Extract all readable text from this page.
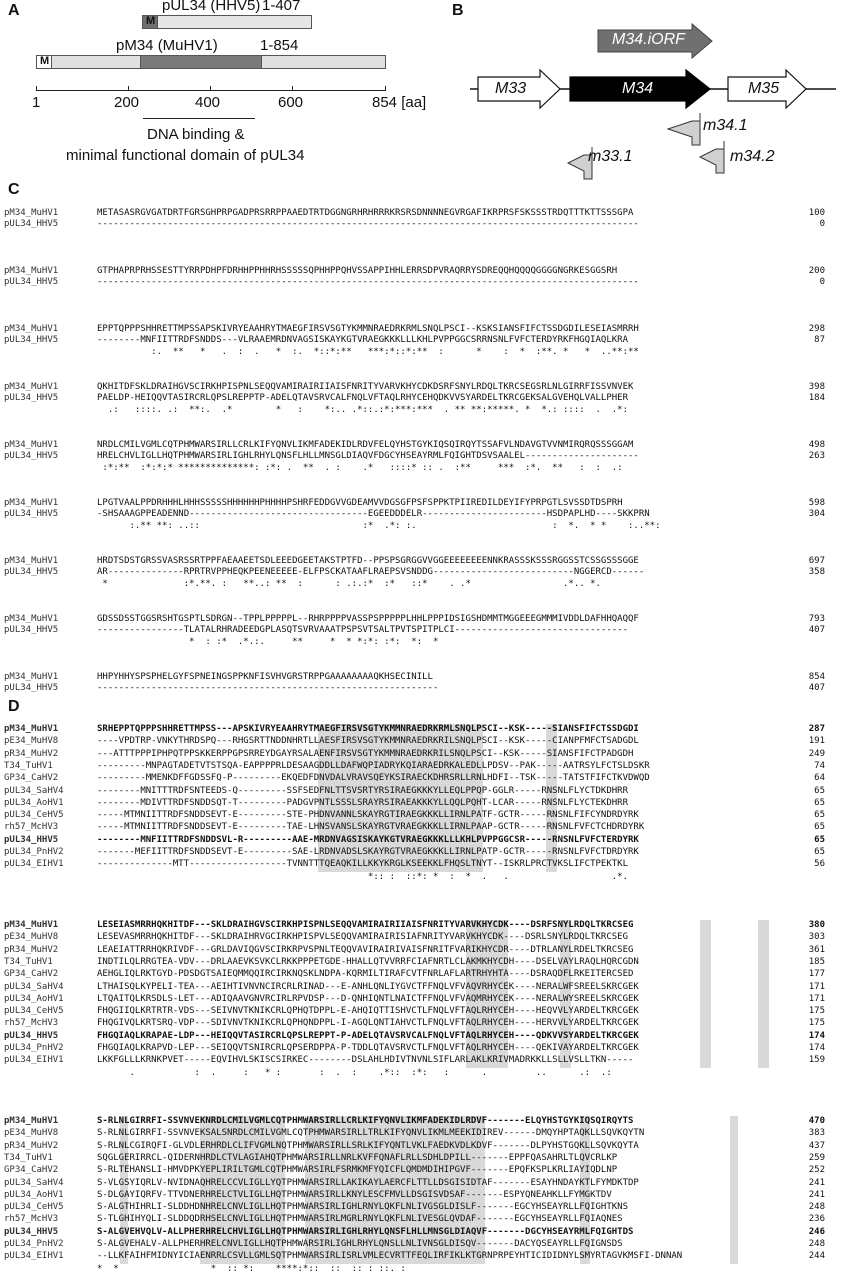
A
M
pUL34 (HHV5) 1-407
M
pM34 (MuHV1)	1-854
1	200	400	600	854 [aa]
DNA binding &
minimal functional domain of pUL34
B
M34.iORF
M33	M34	M35
m34.1
m33.1	m34.2
C
pM34_MuHV1	METASASRGVGATDRTFGRSGHPRPGADPRSRRPPAAEDTRTDGGNGRHRHRRRKRSRSDNNNNEGVRGAFIKRPRSFSKSSSTRDQTTTKTTSSSGPA	100
pUL34_HHV5	----------------------------------------------------------------------------------------------------	0
pM34_MuHV1	GTPHAPRPRHSSESTTYRRPDHPFDRHHPPHHRHSSSSSQPHHPPQHVSSAPPIHHLERRSDPVRAQRRYSDREQQHQQQQGGGGNGRKESGGSRH	200
pUL34_HHV5	----------------------------------------------------------------------------------------------------	0
pM34_MuHV1	EPPTQPPPSHHRETTMPSSAPSKIVRYEAAHRYTMAEGFIRSVSGTYKMMNRAEDRKRMLSNQLPSCI--KSKSIANSFIFCTSSDGDILESEIASMRRH	298
pUL34_HHV5	--------MNFIITTRDFSNDDS---VLRAAEMRDNVAGSISKAYKGTVRAEGKKKLLLKHLPVPPGGCSRRNSNLFVFCTERDYRKFHGQIAQLKRA	87
:.  **   *   .  :  .   *  :.  *::*:**   ***:*::*:**  :      *    :  *  :**. *   *  ..**:**
pM34_MuHV1	QKHITDFSKLDRAIHGVSCIRKHPISPNLSEQQVAMIRAIRIIAISFNRITYVARVKHYCDKDSRFSNYLRDQLTKRCSEGSRLNLGIRRFISSVNVEK	398
pUL34_HHV5	PAELDP-HEIQQVTASIRCRLQPSLREPPTP-ADELQTAVSRVCALFNQLVFTAQLRHYCEHQDKVVSYARDELTKRCGEKSALGVEHQLVALLPHER	184
.:   ::::. .:  **:.  .*        *   :    *:.. .*::.:*:***:***  . ** **:*****. *  *.: ::::  .  .*:
pM34_MuHV1	NRDLCMILVGMLCQTPHMWARSIRLLCRLKIFYQNVLIKMFADEKIDLRDVFELQYHSTGYKIQSQIRQYTSSAFVLNDAVGTVVNMIRQRQSSSGGAM	498
pUL34_HHV5	HRELCHVLIGLLHQTPHMWARSIRLIGHLRHYLQNSFLHLLMNSGLDIAQVFDGCYHSEAYRMLFQIGHTDSVSAALEL---------------------	263
:*:**  :*:*:* **************: :*: .  **  . :    .*   ::::* :: .  :**     ***  :*.  **   :  :  .:
pM34_MuHV1	LPGTVAALPPDRHHHLHHHSSSSSHHHHHHPHHHHPSHRFEDDGVVGDEAMVVDGSGFPSFSPPKTPIIREDILDEYIFYPRPGTLSVSSDTDSPRH	598
pUL34_HHV5	-SHSAAAGPPEADENND---------------------------------EGEEDDDELR-----------------------HSDPAPLHD----SKKPRN	304
:.** **: ..::                              :*  .*: :.                         :  *.  * *    :..**:
pM34_MuHV1	HRDTSDSTGRSSVASRSSRTPPFAEAAEETSDLEEEDGEETAKSTPTFD--PPSPSGRGGVVGGEEEEEEEENNKRASSSKSSSRGGSSTCSSGSSSGGE	697
pUL34_HHV5	AR--------------RPRTRVPPHEQKPEENEEEEE-ELFPSCKATAAFLRAEPSVSNDDG--------------------------NGGERCD------	358
*              :*.**. :   **..: **  :      : .:.:*  :*   ::*    . .*                 .*.. *.
pM34_MuHV1	GDSSDSSTGGSRSHTGSPTLSDRGN--TPPLPPPPPL--RHRPPPPVASSPSPPPPPLHHLPPPIDSIGSHDMMTMGGEEEGMMMIVDDLDAFHHQAQQF	793
pUL34_HHV5	----------------TLATALRHRADEEDGPLASQTSVRVAAATPSPSVTSALTPVTSPITPLCI--------------------------------	407
*  : :*  .*.:.     **     *  * *:*: :*:  *:  *
pM34_MuHV1	HHPYHHYSPSPHELGYFSPNEINGSPPKNFISVHVGRSTRPPGAAAAAAAAQKHSECINILL	854
pUL34_HHV5	---------------------------------------------------------------	407
D
pM34_MuHV1	SRHEPPTQPPPSHHRETTMPSS---APSKIVRYEAAHRYTMAEGFIRSVSGTYKMMNRAEDRKRMLSNQLPSCI--KSK-----SIANSFIFCTSSDGDI	287
pE34_MuHV8	----VPDTRP-VNKYTHRDSPQ---RHGSRTTNDDNHRTLLAESFIRSVSGTYKMMNRAEDRKRILSNQLPSCI--KSK-----CIANPFMFCTSADGDL	191
pR34_MuHV2	---ATTTPPPIPHPQTPPSKKERPPGPSRREYDGAYRSALAENFIRSVSGTYKMMNRAEDRKRILSNQLPSCI--KSK-----SIANSFIFCTPADGDH	249
T34_TuHV1	---------MNPAGTADETVTSTSQA-EAPPPPRLDESAAGDDLLDAFWQPIADRYKQIARAEDRKALEDLLPDSV--PAK-----AATRSYLFCTSLDSKR	74
GP34_CaHV2	---------MMENKDFFGDSSFQ-P---------EKQEDFDNVDALVRAVSQEYKSIRAECKDHRSRLLRNLHDFI--TSK-----TATSTFIFCTKVDWQD	64
pUL34_SaHV4	--------MNITTTRDFSNTEEDS-Q---------SSFSEDFNLTTSVSRTYRSIRAEGKKKYLLEQLPPQP-GGLR-----RNSNLFLYCTDKDHRR	65
pUL34_AoHV1	--------MDIVTTRDFSNDDSQT-T---------PADGVPNTLSSSLSRAYRSIRAEAKKKYLLQQLPQHT-LCAR-----RNSNLFLYCTEKDHRR	65
pUL34_CeHV5	-----MTMNIITTRDFSNDDSEVT-E---------STE-PHDNVANNLSKAYRGTIRAEGKKKLLIRNLPATF-GCTR-----RNSNLFIFCYNDRDYRK	65
rh57_McHV3	-----MTMNIITTRDFSNDDSEVT-E---------TAE-LHNSVANSLSKAYRGTVRAEGKKKLLIRNLPAAP-GCTR-----RNSNLFVFCTCHDRDYRK	65
pUL34_HHV5	--------MNFIITTRDFSNDDSVL-R---------AAE-MRDNVAGSISKAYKGTVRAEGKKKLLLKHLPVPPGGCSR-----RNSNLFVFCTERDYRK	65
pUL34_PnHV2	-------MEFIITTRDFSNDDSEVT-E---------SAE-LRDNVADSLSKAYRGTVRAEGKKKLLIRNLPATP-GCTR-----RNSNLFVFCTDRDYRK	65
pUL34_EIHV1	--------------MTT------------------TVNNTTTQEAQKILLKKYKRGLKSEEKKLFHQSLTNYT--ISKRLPRCTVKSLIFCTPEKTKL	56
*:: :  ::*: *  :  *  .   .                   .*.
pM34_MuHV1	LESEIASMRRHQKHITDF---SKLDRAIHGVSCIRKHPISPNLSEQQVAMIRAIRIIAISFNRITYVARVKHYCDK----DSRFSNYLRDQLTKRCSEG	380
pE34_MuHV8	LESEVASMRRHQKHITDF---SKLDRAIHRVGCIRKHPISPVLSEQQVAMIRAIRISIAFNRITYVARVKHYCDK----DSRLSNYLRDQLTKRCSEG	303
pR34_MuHV2	LEAEIATTRRHQKRIVDF---GRLDAVIQGVSCIRKRPVSPNLTEQQVAVIRAIRIVAISFNRITFVARIKHYCDR----DTRLANYLRDELTKRCSEG	361
T34_TuHV1	INDTILQLRRGTEA-VDV---DRLAAEVKSVKCLRKKPPPETGDE-HHALLQTVVRRFCIAFNRTLCLAKMKHYCDH----DSELVAYLRAQLHQRCGDN	185
GP34_CaHV2	AEHGLIQLRKTGYD-PDSDGTSAIEQMMQQIRCIRKNQSKLNDPA-KQRMILTIRAFCVTFNRLAFLARTRHYHTA----DSRAQDFLRKEITERCSED	177
pUL34_SaHV4	LTHAISQLKYPELI-TEA---AEIHTIVNVNCIRCRLRINAD---E-ANHLQNLIYGVCTFFNQLVFVAQVRHYCEK----NERALWFSREELSKRCGEK	171
pUL34_AoHV1	LTQAITQLKRSDLS-LET---ADIQAAVGNVRCIRLRPVDSP---D-QNHIQNTLNAICTFFNQLVFVAQMRHYCEK----NERALWYSREELSKRCGEK	171
pUL34_CeHV5	FHQGIIQLKRTRTR-VDS---SEIVNVTKNIKCRLQPHQTDPPL-E-AHQIQTTISHVCTLFNQLVFTAQLRHYCEH----HEQVVLYARDELTKRCGEK	175
rh57_McHV3	FHQGIVQLKRTSRQ-VDP---SDIVNVTKNIKCRLQPHQNDPPL-I-AGQLQNTIAHVCTLFNQLVFTAQLRHYCEH----HERVVLYARDELTKRCGEK	175
pUL34_HHV5	FHGQIAQLKRAPAE-LDP---HEIQQVTASIRCRLQPSLREPPT-P-ADELQTAVSRVCALFNQLVFTAQLRHYCEH----QDKVVSYARDELTKRCGEK	174
pUL34_PnHV2	FHGQIAQLKRAPVD-LEP---SEIQQVTSNIRCRLQPSERDPPA-P-TDDLQTAVSRVCTLFNQLVFTAQLRHYCEH----QEKIVAYARDELTKRCGEK	174
pUL34_EIHV1	LKKFGLLLKRNKPVET-----EQVIHVLSKISCSIRKEC--------DSLAHLHDIVTNVNLSIFLARLAKLKRIVMADRKKLLSLLVSLLTKN-----	159
.           :  .     :   * :       :  .  :    .*::  :*:   :      .         ..      .:  .:
pM34_MuHV1	S-RLNLGIRRFI-SSVNVEKNRDLCMILVGMLCQTPHMWARSIRLLCRLKIFYQNVLIKMFADEKIDLRDVF-------ELQYHSTGYKIQSQIRQYTS	470
pE34_MuHV8	S-RLNLGIRRFI-SSVNVEKSALSNRDLCMILVGMLCQTPHMWARSIRLLTRLKIFYQNVLIKMLMEEKIDIREV------DMQYHPTAQKLLSQVKQYTN	383
pR34_MuHV2	S-RLNLCGIRQFI-GLVDLERHRDLCLIFVGMLNQTPHMWARSIRLLSRLKIFYQNTLVKLFAEDKVDLKDVF-------DLPYHSTGQKLLSQVKQYTA	437
T34_TuHV1	SQGLGERIRRCL-QIDERNHRDLCTVLAGIAHQTPHMWARSIRLLNRLKVFFQNAFLRLLSDHLDPILL-------EPPFQASAHRLTLQVCRLKP	259
GP34_CaHV2	S-RLTEHANSLI-HMVDPKYEPLIRILTGMLCQTPHMWARSIRLFSRMKMFYQICFLQMDMDIHIPGVF-------EPQFKSPLKRLIAYIQDLNP	252
pUL34_SaHV4	S-VLGSYIQRLV-NVIDNAQHRELCCVLIGLLYQTPHMWARSIRLLAKIKAYLAERCFLTTLLDSGISIDTAF-------ESAYHNDAYKTLFYMDKTDP	241
pUL34_AoHV1	S-DLGAYIQRFV-TTVDNERHRELCTVLIGLLHQTPHMWARSIRLLKNYLESCFMVLLDSGISVDSAF-------ESPYQNEAHKLLFYMGKTDV	241
pUL34_CeHV5	S-ALGTHIHRLI-SLDDHDNHRELCNVLIGLLHQTPHMWARSIRLIGHLRNYLQKFLNLIVGSGLDISLF-------EGCYHSEAYRLLFQIGHTKNS	248
rh57_McHV3	S-TLGHIHYQLI-SLDDQDRHSELCNVLIGLLHQTPHMWARSIRLMGRLRNYLQKFLNLIVESGLQVDAF-------EGCYHSEAYRLLFQIAQNES	236
pUL34_HHV5	S-ALGVEHVQLV-ALLPHERHRELCHVLIGLLHQTPHMWARSIRLIGHLRHYLQNSFLHLLMNSGLDIAQVF-------DGCYHSEAYRMLFQIGHTDS	246
pUL34_PnHV2	S-ALGVEHALV-ALLPHERHRELCNVLIGLLHQTPHMWARSIRLIGHLRHYLQNSLLNLIVNSGLDISQV-------DACYQSEAYRLLFQIGNSDS	248
pUL34_EIHV1	--LLKFAIHFMIDNYICIAENRRLCSVLLGMLSQTPHMWARSIRLISRLVMLECVRTTFEQLIRFIKLKTGRNPRPEYHTICIDIDNYLSMYRTAGVKMSFI-DNNAN	244
*  *                 *  :: *:    ****:*::  ::  :: : ::. :
